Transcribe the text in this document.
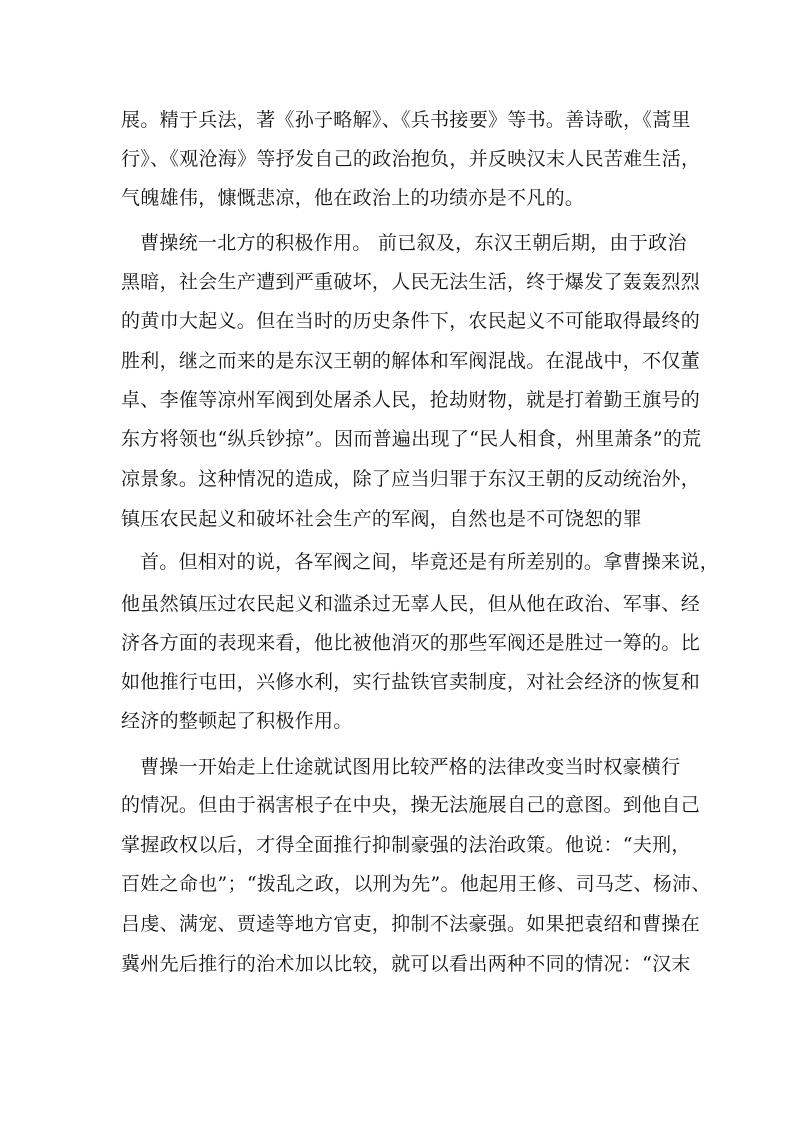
展。精于兵法，著《孙子略解》、《兵书接要》等书。善诗歌，《蒿里
行》、《观沧海》等抒发自己的政治抱负，并反映汉末人民苦难生活，
气魄雄伟，慷慨悲凉，他在政治上的功绩亦是不凡的。
曹操统一北方的积极作用。 前已叙及，东汉王朝后期，由于政治
黑暗，社会生产遭到严重破坏，人民无法生活，终于爆发了轰轰烈烈
的黄巾大起义。但在当时的历史条件下，农民起义不可能取得最终的
胜利，继之而来的是东汉王朝的解体和军阀混战。在混战中，不仅董
卓、李傕等凉州军阀到处屠杀人民，抢劫财物，就是打着勤王旗号的
东方将领也“纵兵钞掠”。因而普遍出现了“民人相食，州里萧条”的荒
凉景象。这种情况的造成，除了应当归罪于东汉王朝的反动统治外，
镇压农民起义和破坏社会生产的军阀，自然也是不可饶恕的罪
首。但相对的说，各军阀之间，毕竟还是有所差别的。拿曹操来说，
他虽然镇压过农民起义和滥杀过无辜人民，但从他在政治、军事、经
济各方面的表现来看，他比被他消灭的那些军阀还是胜过一筹的。比
如他推行屯田，兴修水利，实行盐铁官卖制度，对社会经济的恢复和
经济的整顿起了积极作用。
曹操一开始走上仕途就试图用比较严格的法律改变当时权豪横行
的情况。但由于祸害根子在中央，操无法施展自己的意图。到他自己
掌握政权以后，才得全面推行抑制豪强的法治政策。他说：“夫刑，
百姓之命也”；“拨乱之政，以刑为先”。他起用王修、司马芝、杨沛、
吕虔、满宠、贾逵等地方官吏，抑制不法豪强。如果把袁绍和曹操在
冀州先后推行的治术加以比较，就可以看出两种不同的情况：“汉末
